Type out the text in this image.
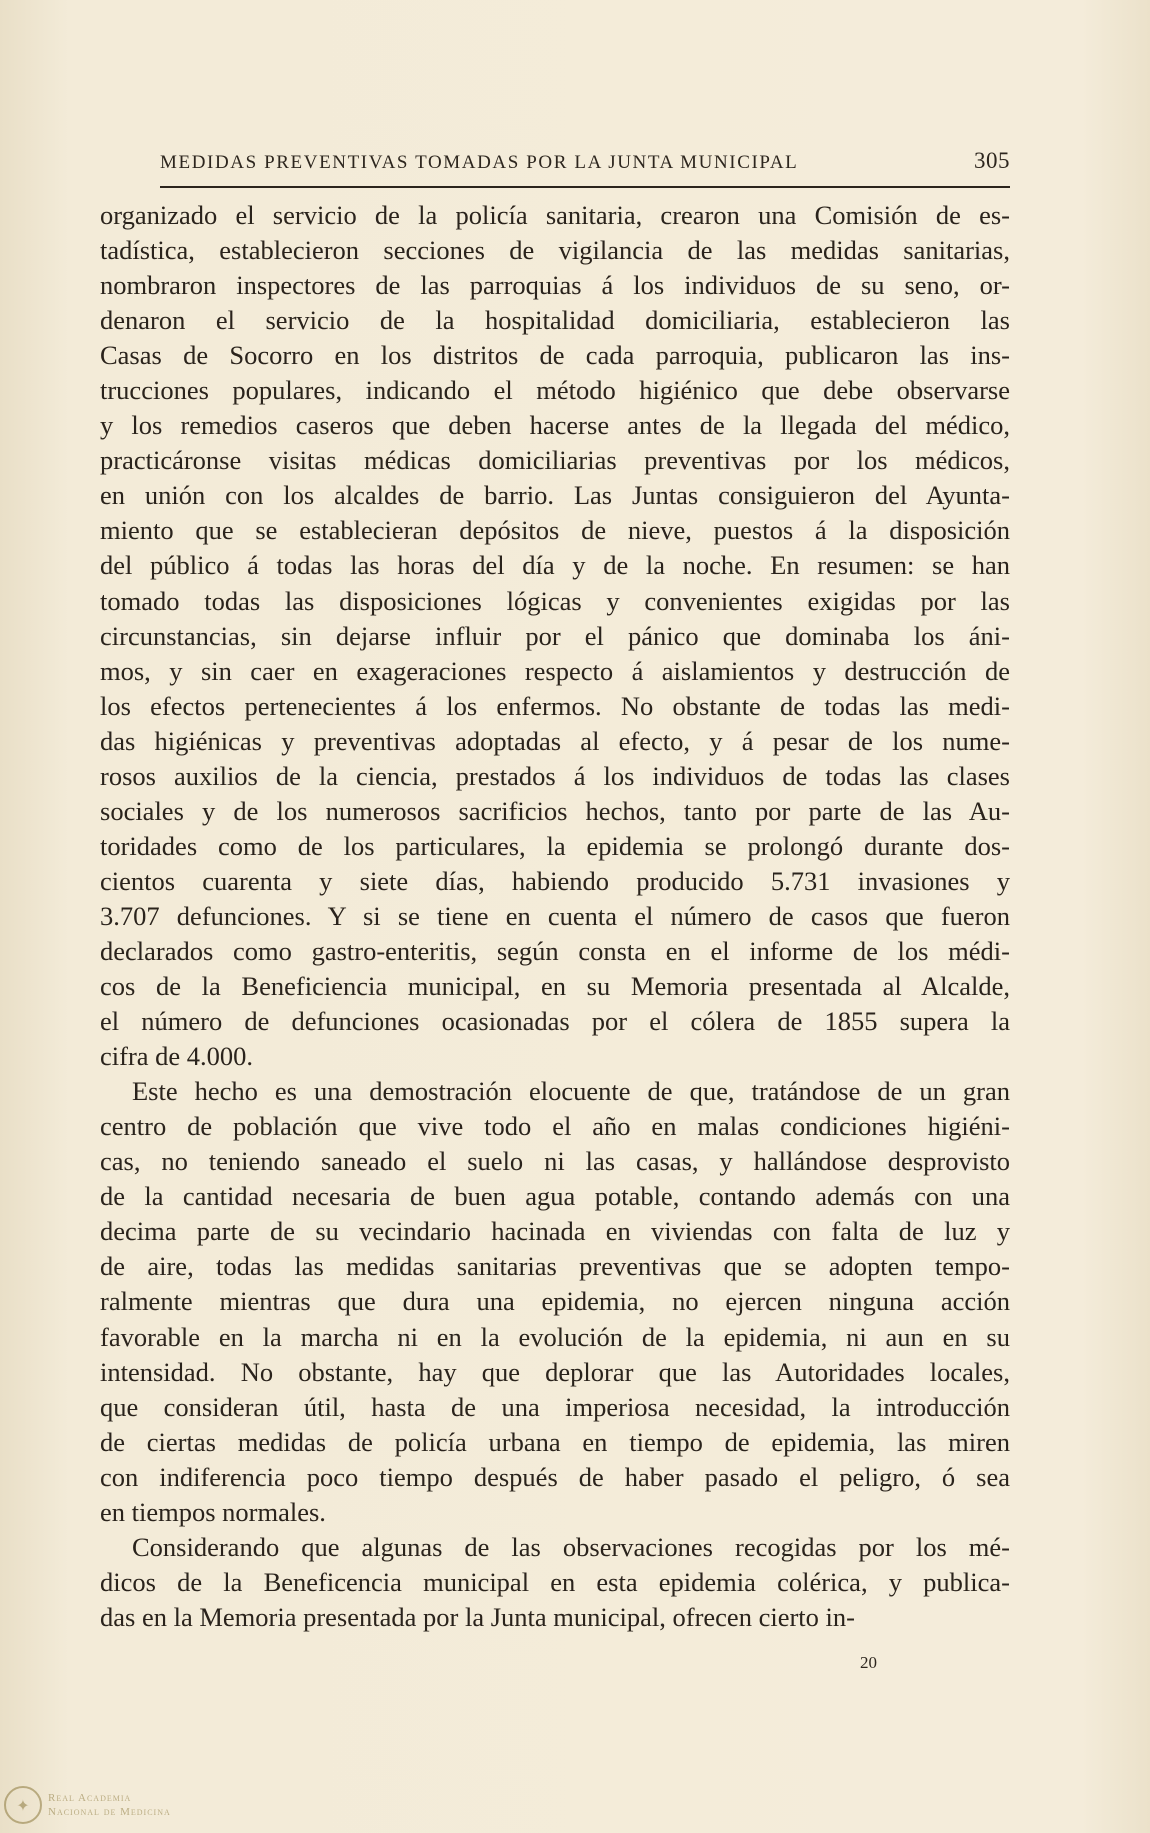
MEDIDAS PREVENTIVAS TOMADAS POR LA JUNTA MUNICIPAL	305
organizado el servicio de la policía sanitaria, crearon una Comisión de es-
tadística, establecieron secciones de vigilancia de las medidas sanitarias,
nombraron inspectores de las parroquias á los individuos de su seno, or-
denaron el servicio de la hospitalidad domiciliaria, establecieron las
Casas de Socorro en los distritos de cada parroquia, publicaron las ins-
trucciones populares, indicando el método higiénico que debe observarse
y los remedios caseros que deben hacerse antes de la llegada del médico,
practicáronse visitas médicas domiciliarias preventivas por los médicos,
en unión con los alcaldes de barrio. Las Juntas consiguieron del Ayunta-
miento que se establecieran depósitos de nieve, puestos á la disposición
del público á todas las horas del día y de la noche. En resumen: se han
tomado todas las disposiciones lógicas y convenientes exigidas por las
circunstancias, sin dejarse influir por el pánico que dominaba los áni-
mos, y sin caer en exageraciones respecto á aislamientos y destrucción de
los efectos pertenecientes á los enfermos. No obstante de todas las medi-
das higiénicas y preventivas adoptadas al efecto, y á pesar de los nume-
rosos auxilios de la ciencia, prestados á los individuos de todas las clases
sociales y de los numerosos sacrificios hechos, tanto por parte de las Au-
toridades como de los particulares, la epidemia se prolongó durante dos-
cientos cuarenta y siete días, habiendo producido 5.731 invasiones y
3.707 defunciones. Y si se tiene en cuenta el número de casos que fueron
declarados como gastro-enteritis, según consta en el informe de los médi-
cos de la Beneficiencia municipal, en su Memoria presentada al Alcalde,
el número de defunciones ocasionadas por el cólera de 1855 supera la
cifra de 4.000.
Este hecho es una demostración elocuente de que, tratándose de un gran
centro de población que vive todo el año en malas condiciones higiéni-
cas, no teniendo saneado el suelo ni las casas, y hallándose desprovisto
de la cantidad necesaria de buen agua potable, contando además con una
decima parte de su vecindario hacinada en viviendas con falta de luz y
de aire, todas las medidas sanitarias preventivas que se adopten tempo-
ralmente mientras que dura una epidemia, no ejercen ninguna acción
favorable en la marcha ni en la evolución de la epidemia, ni aun en su
intensidad. No obstante, hay que deplorar que las Autoridades locales,
que consideran útil, hasta de una imperiosa necesidad, la introducción
de ciertas medidas de policía urbana en tiempo de epidemia, las miren
con indiferencia poco tiempo después de haber pasado el peligro, ó sea
en tiempos normales.
Considerando que algunas de las observaciones recogidas por los mé-
dicos de la Beneficencia municipal en esta epidemia colérica, y publica-
das en la Memoria presentada por la Junta municipal, ofrecen cierto in-
20
✦	Real Academia
Nacional de Medicina
